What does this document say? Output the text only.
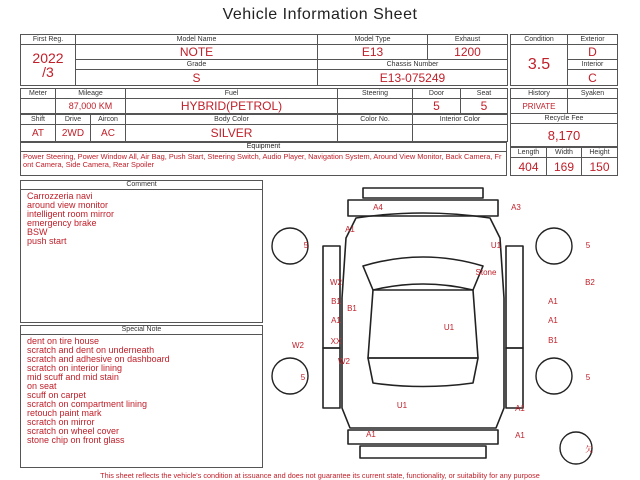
Vehicle Information Sheet
First Reg.	Model Name	Model Type	Exhaust

2022
/3	NOTE	E13	1200
	Grade	Chassis Number	
	S	E13-075249	
Condition	Exterior
3.5	D
	Interior
	C
Meter	Mileage	Fuel	Steering	Door	Seat
	87,000 KM	HYBRID(PETROL)		5	5
Shift	Drive	Aircon	Body Color	Color No.	Interior Color
AT	2WD	AC	SILVER		
History	Syaken
PRIVATE	
Recycle Fee	
8,170	
Equipment
Power Steering, Power Window All, Air Bag, Push Start, Steering Switch, Audio Player, Navigation System, Around View Monitor, Back Camera, Front Camera, Side Camera, Rear Spoiler
Length	Width	Height
404	169	150
Comment
Carrozzeria navi
around view monitor
intelligent room mirror
emergency brake
BSW
push start
Special Note
dent on tire house
scratch and dent on underneath
scratch and adhesive on dashboard
scratch on interior lining
mid scuff and mid stain
on seat
scuff on carpet
scratch on compartment lining
retouch paint mark
scratch on mirror
scratch on wheel cover
stone chip on front glass
A4	A3
A1
U1
Stone
W2
B1
B1
A1
U1
B2
A1
A1
B1
W2	XX
W2
U1
A1	A1
A1
5	5
5	5
欠
This sheet reflects the vehicle's condition at issuance and does not guarantee its current state, functionality, or suitability for any purpose
